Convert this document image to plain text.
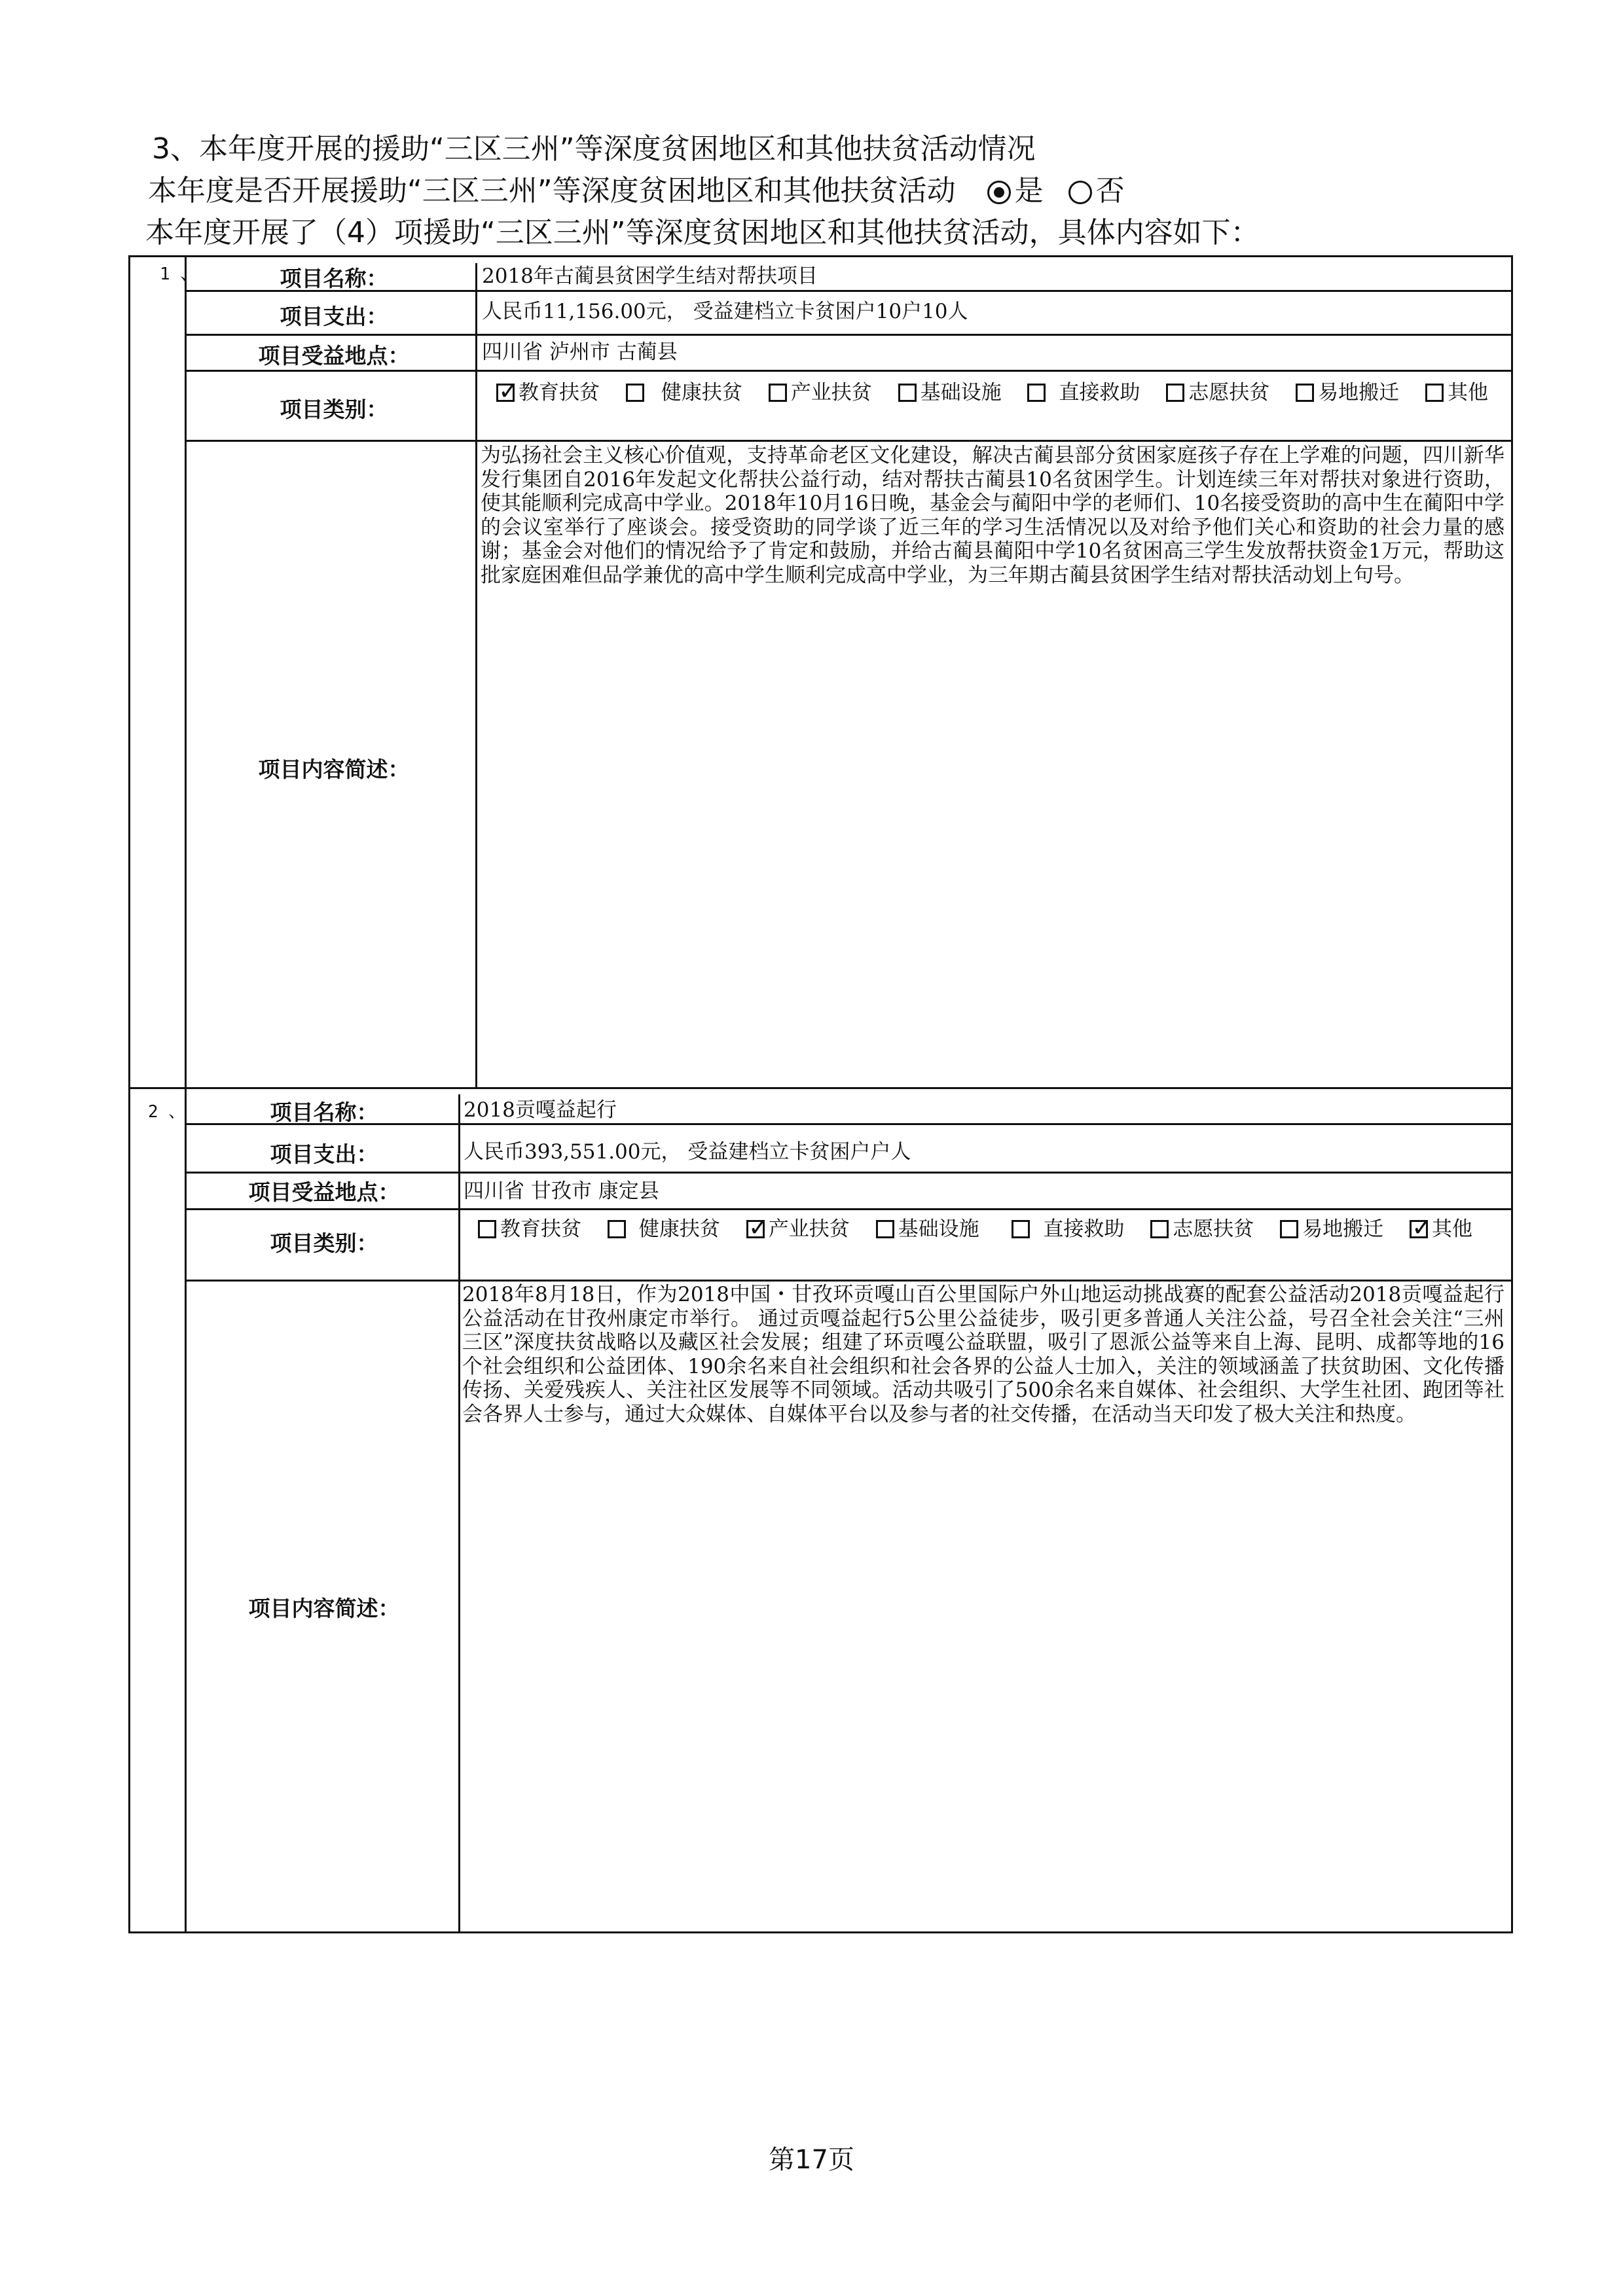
3、本年度开展的援助“三区三州”等深度贫困地区和其他扶贫活动情况
本年度是否开展援助“三区三州”等深度贫困地区和其他扶贫活动 是 否
本年度开展了（4）项援助“三区三州”等深度贫困地区和其他扶贫活动，具体内容如下：
1 、	项目名称：	2018年古蔺县贫困学生结对帮扶项目
项目支出：	人民币11,156.00元， 受益建档立卡贫困户10户10人
项目受益地点：	四川省 泸州市 古蔺县
项目类别：
✓教育扶贫	健康扶贫 产业扶贫 基础设施	直接救助 志愿扶贫 易地搬迁 其他
项目内容简述：
为弘扬社会主义核心价值观，支持革命老区文化建设，解决古蔺县部分贫困家庭孩子存在上学难的问题，四川新华发行集团自2016年发起文化帮扶公益行动，结对帮扶古蔺县10名贫困学生。计划连续三年对帮扶对象进行资助，使其能顺利完成高中学业。2018年10月16日晚，基金会与蔺阳中学的老师们、10名接受资助的高中生在蔺阳中学的会议室举行了座谈会。接受资助的同学谈了近三年的学习生活情况以及对给予他们关心和资助的社会力量的感谢；基金会对他们的情况给予了肯定和鼓励，并给古蔺县蔺阳中学10名贫困高三学生发放帮扶资金1万元，帮助这批家庭困难但品学兼优的高中学生顺利完成高中学业，为三年期古蔺县贫困学生结对帮扶活动划上句号。
2 、	项目名称：	2018贡嘎益起行
项目支出：	人民币393,551.00元， 受益建档立卡贫困户户人
项目受益地点：	四川省 甘孜市 康定县
项目类别：
教育扶贫	健康扶贫 ✓ 产业扶贫 基础设施	直接救助 志愿扶贫 易地搬迁 ✓ 其他
项目内容简述：
2018年8月18日，作为2018中国・甘孜环贡嘎山百公里国际户外山地运动挑战赛的配套公益活动2018贡嘎益起行公益活动在甘孜州康定市举行。 通过贡嘎益起行5公里公益徒步，吸引更多普通人关注公益，号召全社会关注“三州三区”深度扶贫战略以及藏区社会发展；组建了环贡嘎公益联盟，吸引了恩派公益等来自上海、昆明、成都等地的16个社会组织和公益团体、190余名来自社会组织和社会各界的公益人士加入，关注的领域涵盖了扶贫助困、文化传播传扬、关爱残疾人、关注社区发展等不同领域。活动共吸引了500余名来自媒体、社会组织、大学生社团、跑团等社会各界人士参与，通过大众媒体、自媒体平台以及参与者的社交传播，在活动当天印发了极大关注和热度。
第17页
